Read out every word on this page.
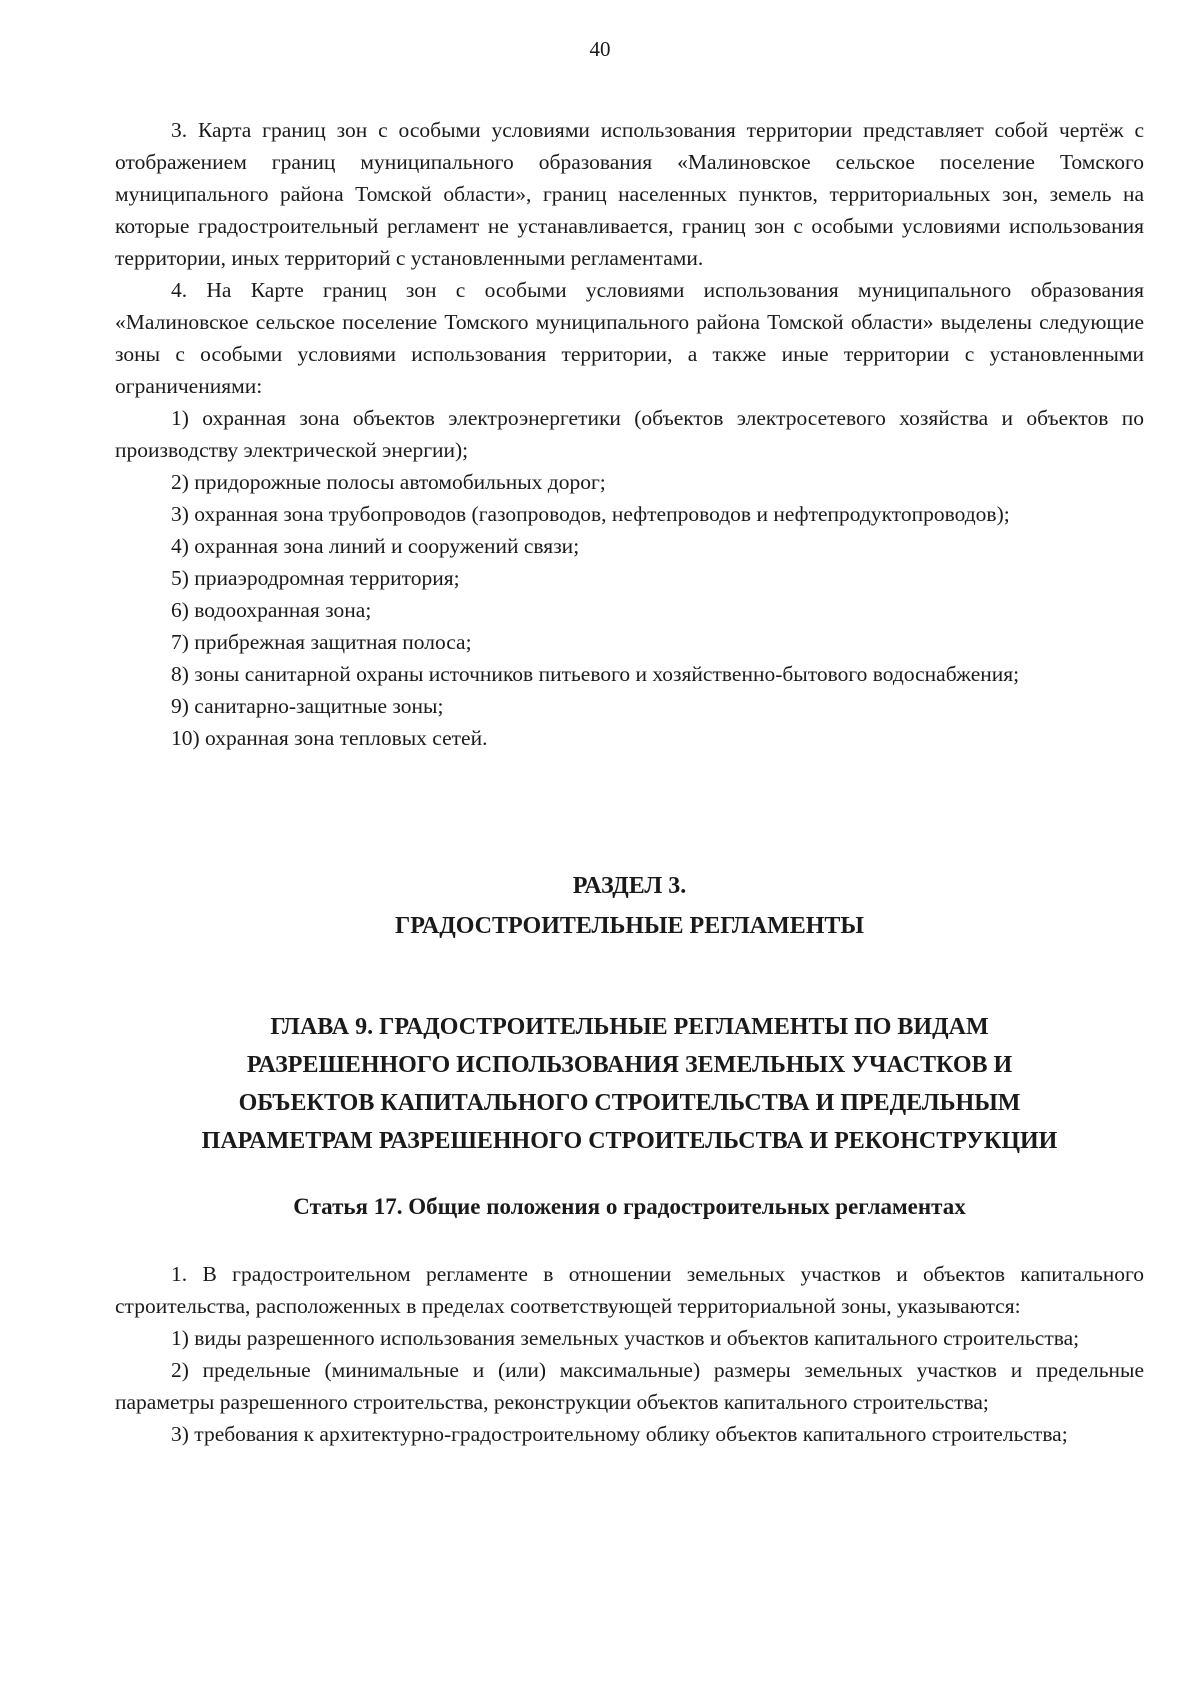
40

3. Карта границ зон с особыми условиями использования территории представляет собой чертёж с отображением границ муниципального образования «Малиновское сельское поселение Томского муниципального района Томской области», границ населенных пунктов, территориальных зон, земель на которые градостроительный регламент не устанавливается, границ зон с особыми условиями использования территории, иных территорий с установленными регламентами.

4. На Карте границ зон с особыми условиями использования муниципального образования «Малиновское сельское поселение Томского муниципального района Томской области» выделены следующие зоны с особыми условиями использования территории, а также иные территории с установленными ограничениями:

1) охранная зона объектов электроэнергетики (объектов электросетевого хозяйства и объектов по производству электрической энергии);

2) придорожные полосы автомобильных дорог;

3) охранная зона трубопроводов (газопроводов, нефтепроводов и нефтепродуктопроводов);

4) охранная зона линий и сооружений связи;

5) приаэродромная территория;

6) водоохранная зона;

7) прибрежная защитная полоса;

8) зоны санитарной охраны источников питьевого и хозяйственно-бытового водоснабжения;

9) санитарно-защитные зоны;

10) охранная зона тепловых сетей.

РАЗДЕЛ 3.
ГРАДОСТРОИТЕЛЬНЫЕ РЕГЛАМЕНТЫ
ГЛАВА 9. ГРАДОСТРОИТЕЛЬНЫЕ РЕГЛАМЕНТЫ ПО ВИДАМ
РАЗРЕШЕННОГО ИСПОЛЬЗОВАНИЯ ЗЕМЕЛЬНЫХ УЧАСТКОВ И
ОБЪЕКТОВ КАПИТАЛЬНОГО СТРОИТЕЛЬСТВА И ПРЕДЕЛЬНЫМ
ПАРАМЕТРАМ РАЗРЕШЕННОГО СТРОИТЕЛЬСТВА И РЕКОНСТРУКЦИИ
Статья 17. Общие положения о градостроительных регламентах

1. В градостроительном регламенте в отношении земельных участков и объектов капитального строительства, расположенных в пределах соответствующей территориальной зоны, указываются:

1) виды разрешенного использования земельных участков и объектов капитального строительства;

2) предельные (минимальные и (или) максимальные) размеры земельных участков и предельные параметры разрешенного строительства, реконструкции объектов капитального строительства;

3) требования к архитектурно-градостроительному облику объектов капитального строительства;
